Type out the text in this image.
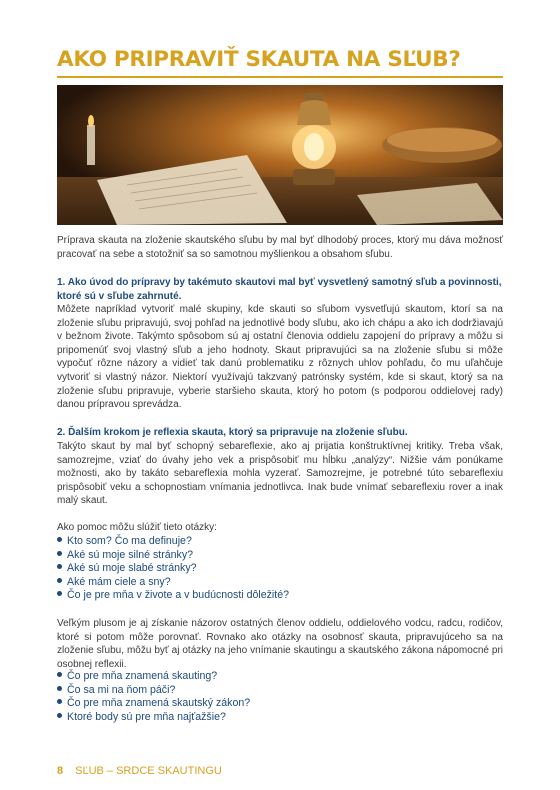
AKO PRIPRAVIŤ SKAUTA NA SĽUB?
Príprava skauta na zloženie skautského sľubu by mal byť dlhodobý proces, ktorý mu dáva možnosť pracovať na sebe a stotožniť sa so samotnou myšlienkou a obsahom sľubu.
1. Ako úvod do prípravy by takémuto skautovi mal byť vysvetlený samotný sľub a povinnosti, ktoré sú v sľube zahrnuté.
Môžete napríklad vytvoriť malé skupiny, kde skauti so sľubom vysvetľujú skautom, ktorí sa na zloženie sľubu pripravujú, svoj pohľad na jednotlivé body sľubu, ako ich chápu a ako ich dodržiavajú v bežnom živote. Takýmto spôsobom sú aj ostatní členovia oddielu zapojení do prípravy a môžu si pripomenúť svoj vlastný sľub a jeho hodnoty. Skaut pripravujúci sa na zloženie sľubu si môže vypočuť rôzne názory a vidieť tak danú problematiku z rôznych uhlov pohľadu, čo mu uľahčuje vytvoriť si vlastný názor. Niektorí využívajú takzvaný patrónsky systém, kde si skaut, ktorý sa na zloženie sľubu pripravuje, vyberie staršieho skauta, ktorý ho potom (s podporou oddielovej rady) danou prípravou sprevádza.
2. Ďalším krokom je reflexia skauta, ktorý sa pripravuje na zloženie sľubu.
Takýto skaut by mal byť schopný sebareflexie, ako aj prijatia konštruktívnej kritiky. Treba však, samozrejme, vziať do úvahy jeho vek a prispôsobiť mu hĺbku „analýzy“. Nižšie vám ponúkame možnosti, ako by takáto sebareflexia mohla vyzerať. Samozrejme, je potrebné túto sebareflexiu prispôsobiť veku a schopnostiam vnímania jednotlivca. Inak bude vnímať sebareflexiu rover a inak malý skaut.
Ako pomoc môžu slúžiť tieto otázky:
Kto som? Čo ma definuje?
Aké sú moje silné stránky?
Aké sú moje slabé stránky?
Aké mám ciele a sny?
Čo je pre mňa v živote a v budúcnosti dôležité?
Veľkým plusom je aj získanie názorov ostatných členov oddielu, oddielového vodcu, radcu, rodičov, ktoré si potom môže porovnať. Rovnako ako otázky na osobnosť skauta, pripravujúceho sa na zloženie sľubu, môžu byť aj otázky na jeho vnímanie skautingu a skautského zákona nápomocné pri osobnej reflexii.
Čo pre mňa znamená skauting?
Čo sa mi na ňom páči?
Čo pre mňa znamená skautský zákon?
Ktoré body sú pre mňa najťažšie?
8 SĽUB – SRDCE SKAUTINGU
